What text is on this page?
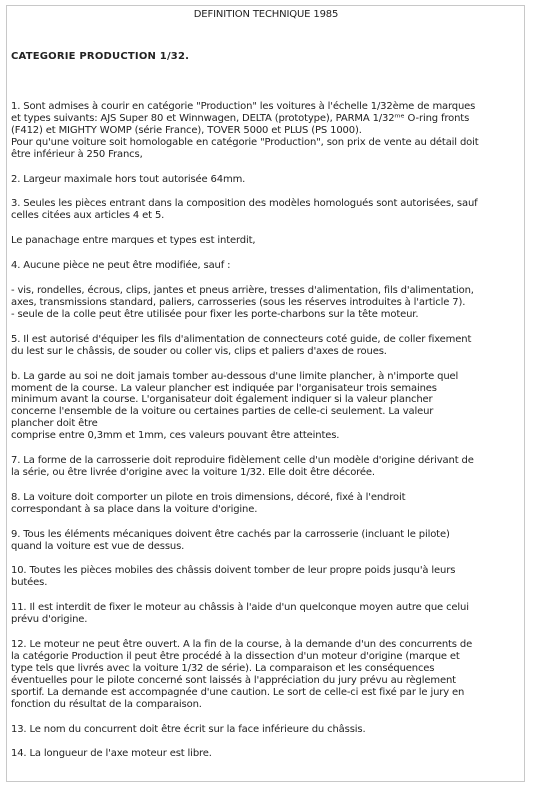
DEFINITION TECHNIQUE 1985
CATEGORIE PRODUCTION 1/32.
1. Sont admises à courir en catégorie "Production" les voitures à l'échelle 1/32ème de marques
et types suivants: AJS Super 80 et Winnwagen, DELTA (prototype), PARMA 1/32ᵐᵉ O-ring fronts
(F412) et MIGHTY WOMP (série France), TOVER 5000 et PLUS (PS 1000).
Pour qu'une voiture soit homologable en catégorie "Production", son prix de vente au détail doit
être inférieur à 250 Francs,
2. Largeur maximale hors tout autorisée 64mm.
3. Seules les pièces entrant dans la composition des modèles homologués sont autorisées, sauf
celles citées aux articles 4 et 5.
Le panachage entre marques et types est interdit,
4. Aucune pièce ne peut être modifiée, sauf :
- vis, rondelles, écrous, clips, jantes et pneus arrière, tresses d'alimentation, fils d'alimentation,
axes, transmissions standard, paliers, carrosseries (sous les réserves introduites à l'article 7).
- seule de la colle peut être utilisée pour fixer les porte-charbons sur la tête moteur.
5. Il est autorisé d'équiper les fils d'alimentation de connecteurs coté guide, de coller fixement
du lest sur le châssis, de souder ou coller vis, clips et paliers d'axes de roues.
b. La garde au soi ne doit jamais tomber au-dessous d'une limite plancher, à n'importe quel
moment de la course. La valeur plancher est indiquée par l'organisateur trois semaines
minimum avant la course. L'organisateur doit également indiquer si la valeur plancher
concerne l'ensemble de la voiture ou certaines parties de celle-ci seulement. La valeur
plancher doit être
comprise entre 0,3mm et 1mm, ces valeurs pouvant être atteintes.
7. La forme de la carrosserie doit reproduire fidèlement celle d'un modèle d'origine dérivant de
la série, ou être livrée d'origine avec la voiture 1/32. Elle doit être décorée.
8. La voiture doit comporter un pilote en trois dimensions, décoré, fixé à l'endroit
correspondant à sa place dans la voiture d'origine.
9. Tous les éléments mécaniques doivent être cachés par la carrosserie (incluant le pilote)
quand la voiture est vue de dessus.
10. Toutes les pièces mobiles des châssis doivent tomber de leur propre poids jusqu'à leurs
butées.
11. Il est interdit de fixer le moteur au châssis à l'aide d'un quelconque moyen autre que celui
prévu d'origine.
12. Le moteur ne peut être ouvert. A la fin de la course, à la demande d'un des concurrents de
la catégorie Production il peut être procédé à la dissection d'un moteur d'origine (marque et
type tels que livrés avec la voiture 1/32 de série). La comparaison et les conséquences
éventuelles pour le pilote concerné sont laissés à l'appréciation du jury prévu au règlement
sportif. La demande est accompagnée d'une caution. Le sort de celle-ci est fixé par le jury en
fonction du résultat de la comparaison.
13. Le nom du concurrent doit être écrit sur la face inférieure du châssis.
14. La longueur de l'axe moteur est libre.
